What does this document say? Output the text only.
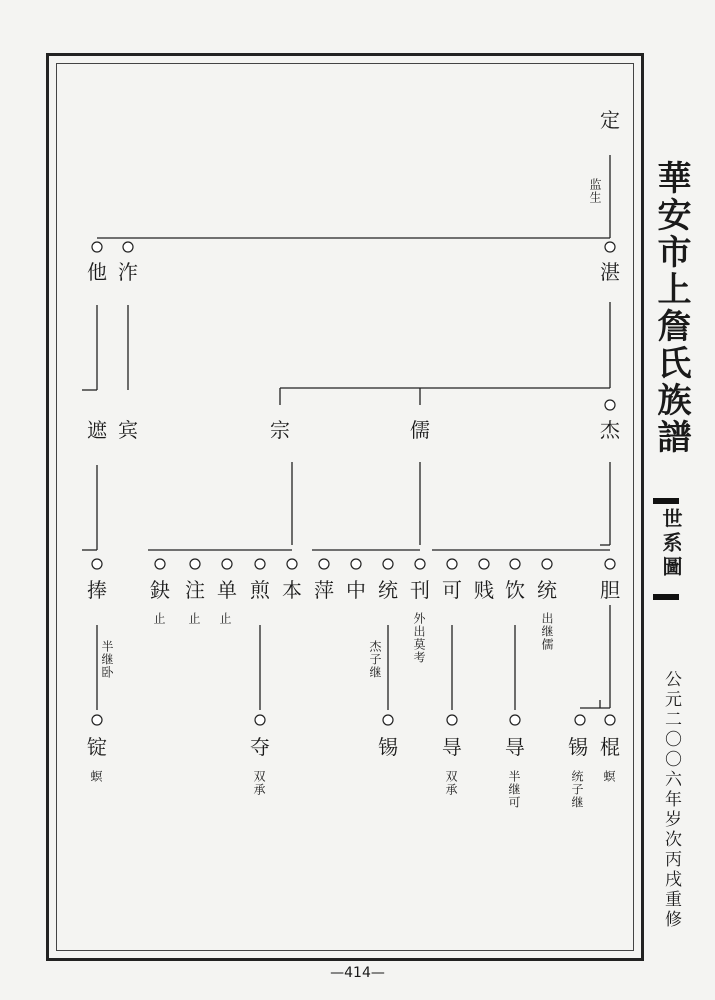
華安市上詹氏族譜
世系圖
公元二〇〇六年岁次丙戌重修
定
监生
湛
他 泎
杰
儒
宗
宾
遮
胆
统
饮
贱
可
刊
统
中
萍
本
煎
单
注
鈌
捧
出继儒
外出莫考
杰子继
止
止
止
半继卧
棍
锡
㝵
㝵
锡
夺
锭
螟
统子继
半继可
双承
双承
螟
—414—
